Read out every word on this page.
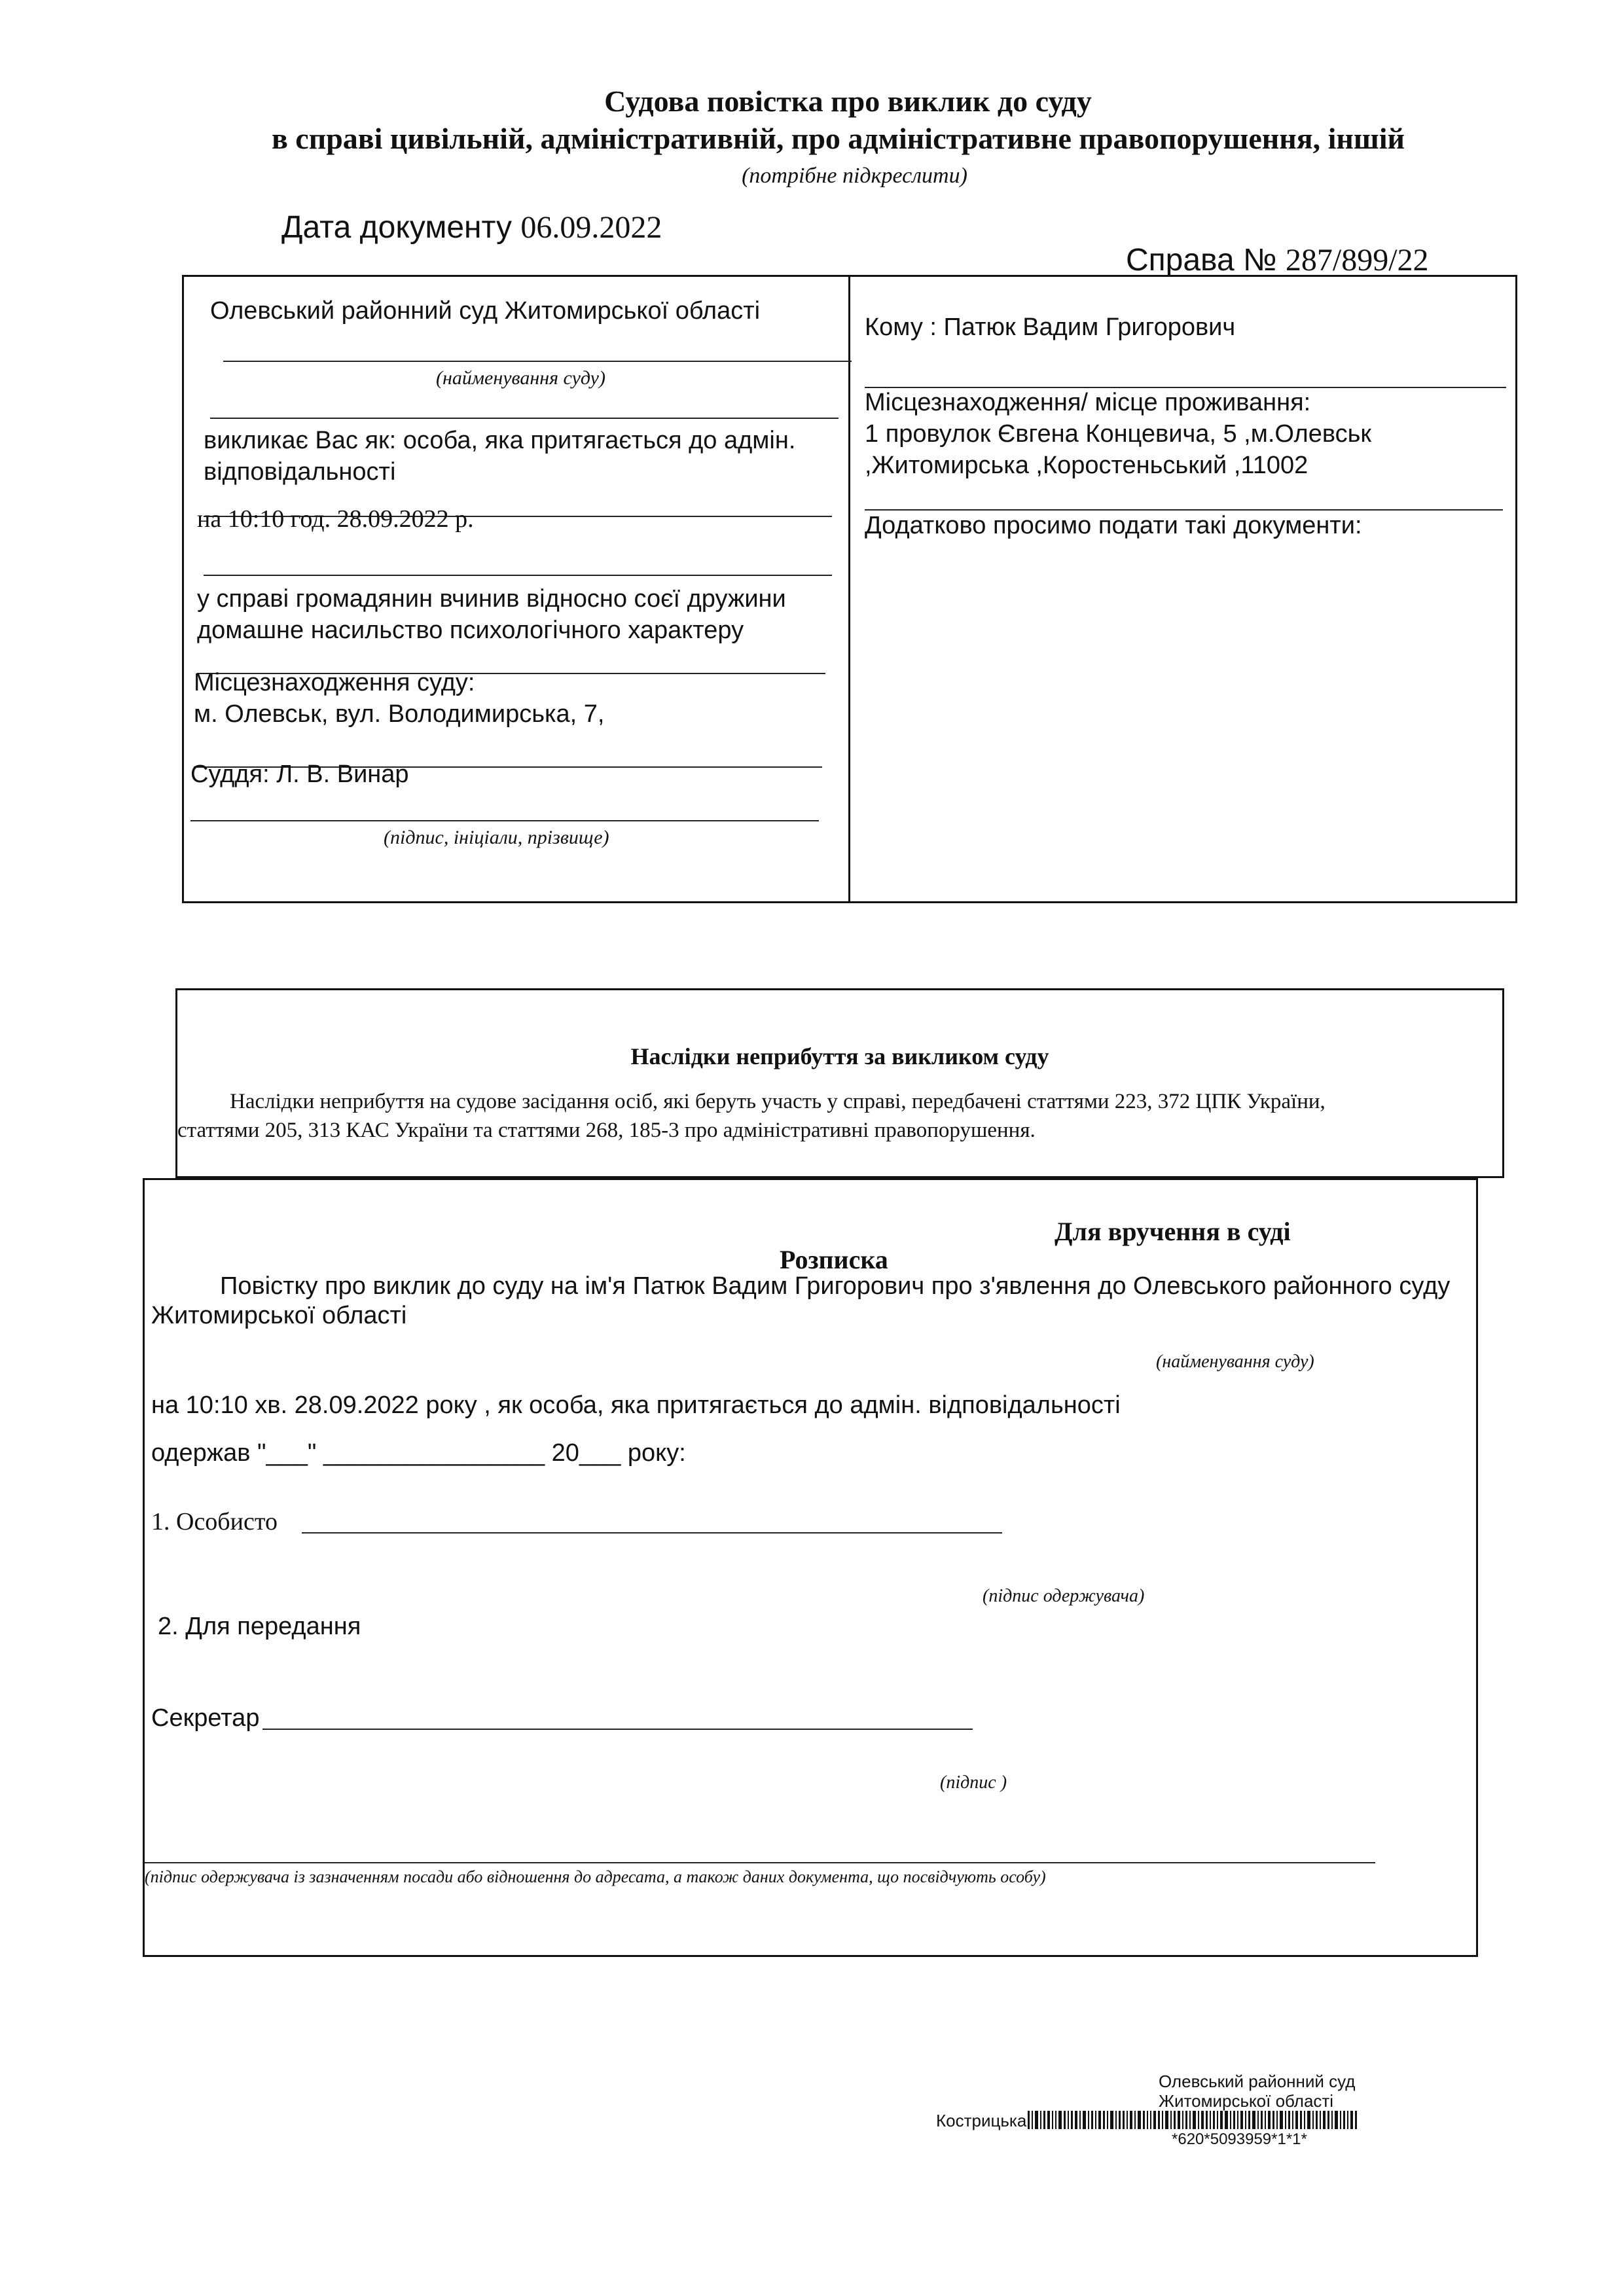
Судова повістка про виклик до суду
в справі цивільній, адміністративній, про адміністративне правопорушення, іншій
(потрібне підкреслити)
Дата документу 06.09.2022
Справа № 287/899/22
Олевський районний суд Житомирської області
(найменування суду)
викликає Вас як: особа, яка притягається до адмін.
відповідальності
на 10:10 год. 28.09.2022 р.
у справі громадянин вчинив відносно соєї дружини
домашне насильство психологічного характеру
Місцезнаходження суду:
м. Олевськ, вул. Володимирська, 7,
Суддя: Л. В. Винар
(підпис, ініціали, прізвище)
Кому : Патюк Вадим Григорович
Місцезнаходження/ місце проживання:
1 провулок Євгена Концевича, 5 ,м.Олевськ
,Житомирська ,Коростеньський ,11002
Додатково просимо подати такі документи:
Наслідки неприбуття за викликом суду
Наслідки неприбуття на судове засідання осіб, які беруть участь у справі, передбачені статтями 223, 372 ЦПК України,
статтями 205, 313 КАС України та статтями 268, 185-3 про адміністративні правопорушення.
Для вручення в суді
Розписка
Повістку про виклик до суду на ім'я Патюк Вадим Григорович про з'явлення до Олевського районного суду
Житомирської області
(найменування суду)
на 10:10 хв. 28.09.2022 року , як особа, яка притягається до адмін. відповідальності
одержав "___" ________________ 20___ року:
1. Особисто
(підпис одержувача)
2. Для передання
Секретар
(підпис )
(підпис одержувача із зазначенням посади або відношення до адресата, а також даних документа, що посвідчують особу)
Олевський районний суд
Житомирської області
Кострицька
*620*5093959*1*1*
